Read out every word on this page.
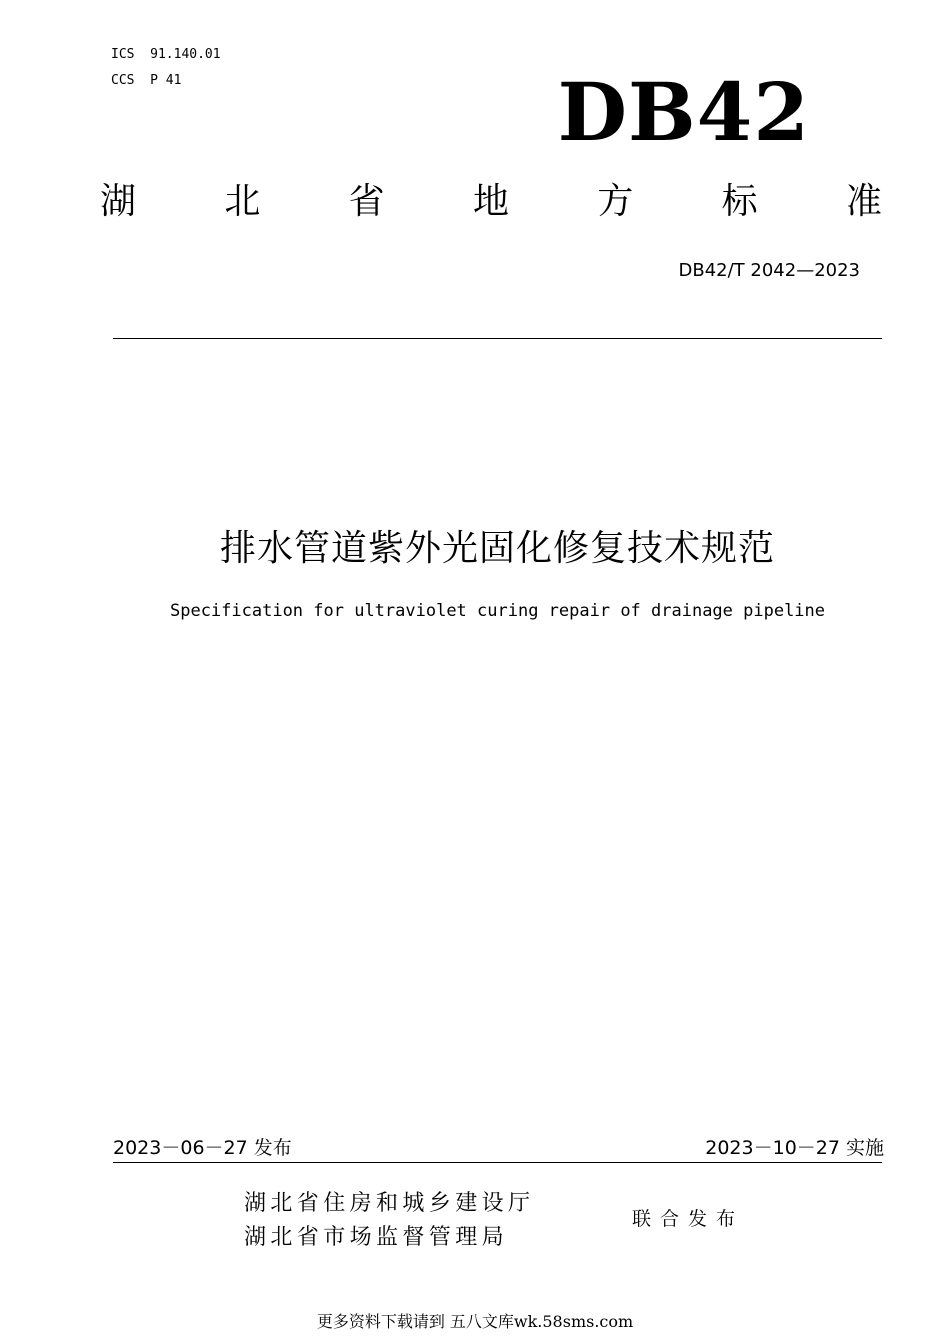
ICS  91.140.01
CCS  P 41	DB42
湖 北 省 地 方 标 准
DB42/T 2042—2023
排水管道紫外光固化修复技术规范
Specification for ultraviolet curing repair of drainage pipeline
2023－06－27 发布	2023－10－27 实施
湖北省住房和城乡建设厅
湖北省市场监督管理局
联合发布
更多资料下载请到 五八文库wk.58sms.com
